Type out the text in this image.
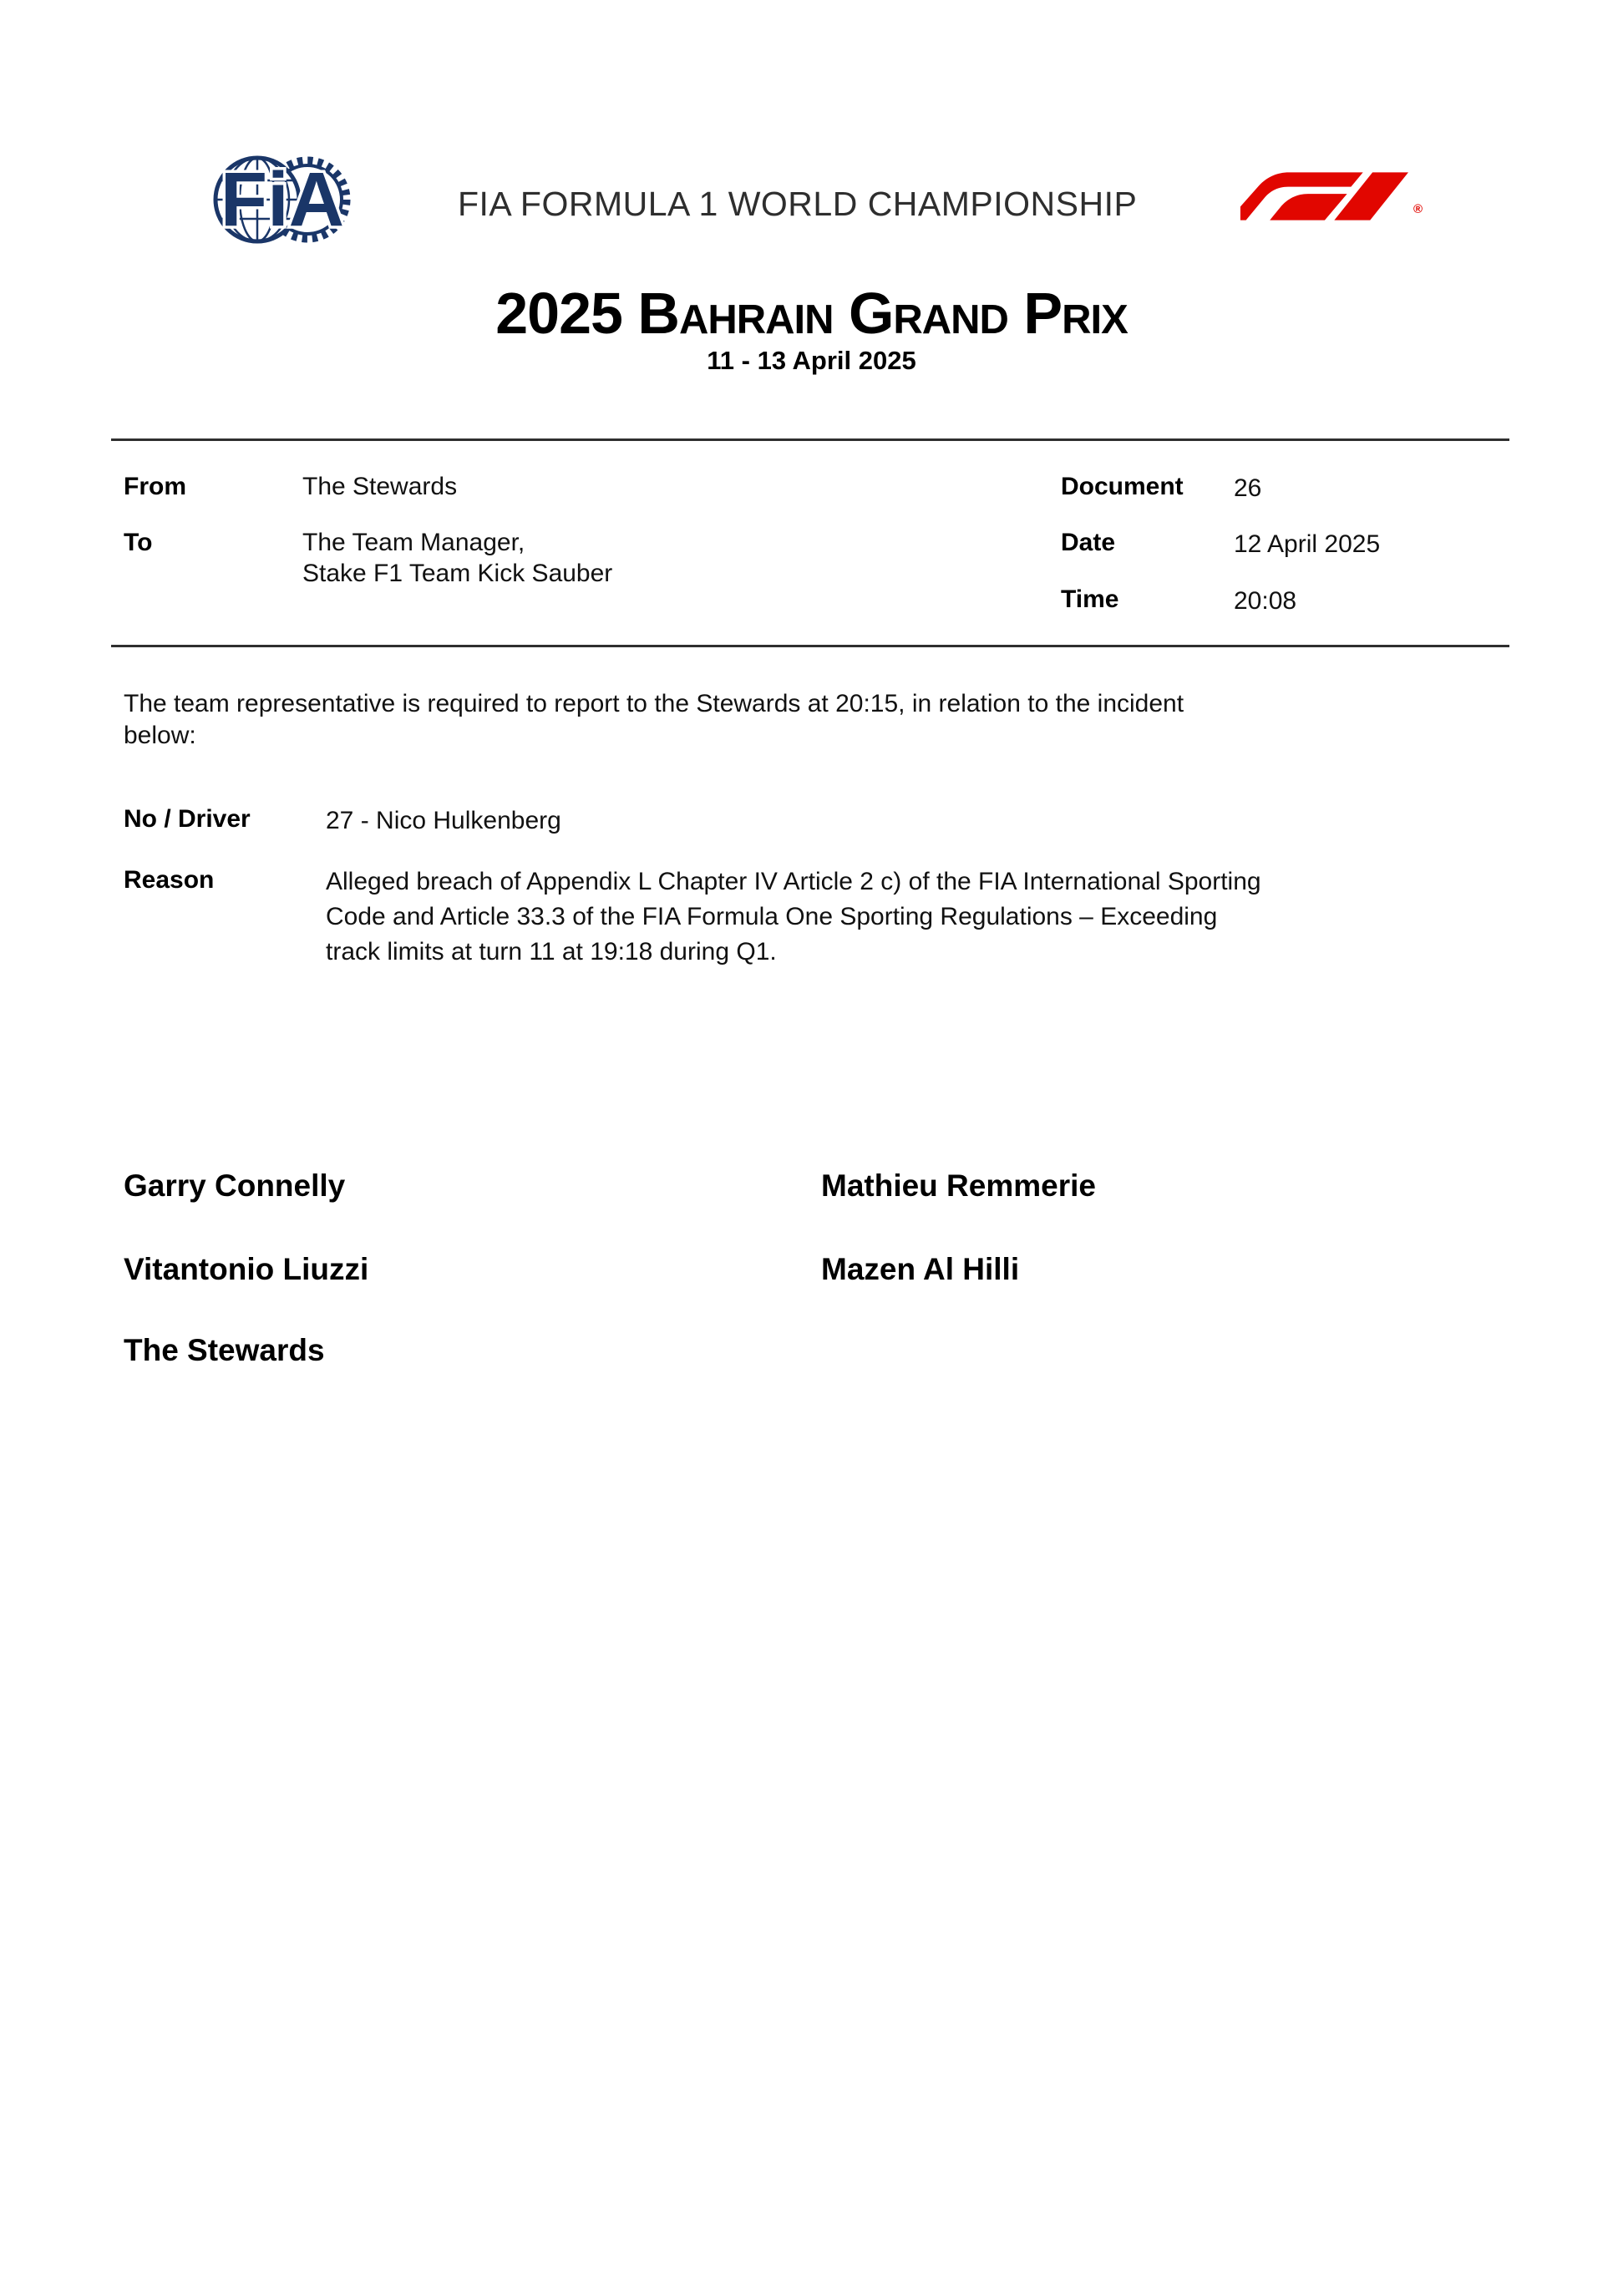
FiA	FIA FORMULA 1 WORLD CHAMPIONSHIP	®
2025 Bahrain Grand Prix
11 - 13 April 2025
From	The Stewards
To	The Team Manager,
Stake F1 Team Kick Sauber
Document 26
Date	12 April 2025
Time	20:08
The team representative is required to report to the Stewards at 20:15, in relation to the incident
below:
No / Driver	27 - Nico Hulkenberg
Reason	Alleged breach of Appendix L Chapter IV Article 2 c) of the FIA International Sporting
Code and Article 33.3 of the FIA Formula One Sporting Regulations – Exceeding
track limits at turn 11 at 19:18 during Q1.
Garry Connelly	Mathieu Remmerie
Vitantonio Liuzzi	Mazen Al Hilli
The Stewards
